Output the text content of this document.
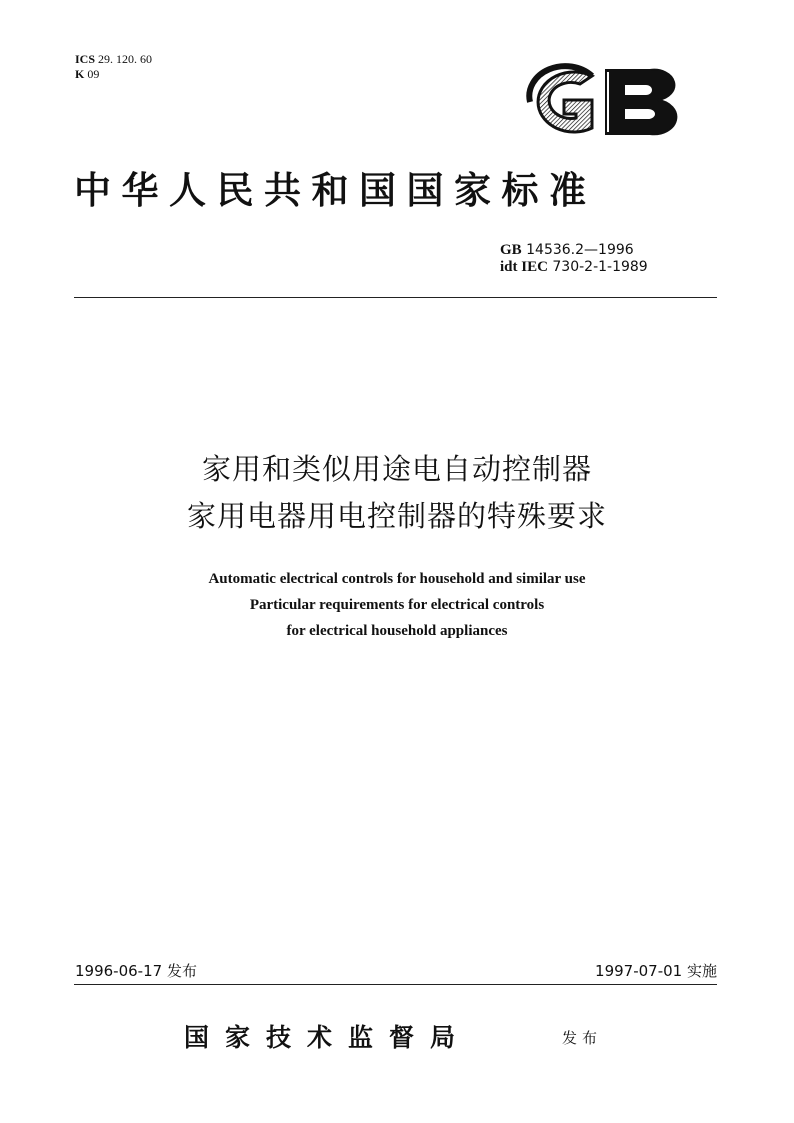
ICS 29. 120. 60
K 09
中华人民共和国国家标准
GB 14536.2—1996
idt IEC 730-2-1-1989
家用和类似用途电自动控制器
家用电器用电控制器的特殊要求
Automatic electrical controls for household and similar use
Particular requirements for electrical controls
for electrical household appliances
1996-06-17 发布	1997-07-01 实施
国家技术监督局	发布
